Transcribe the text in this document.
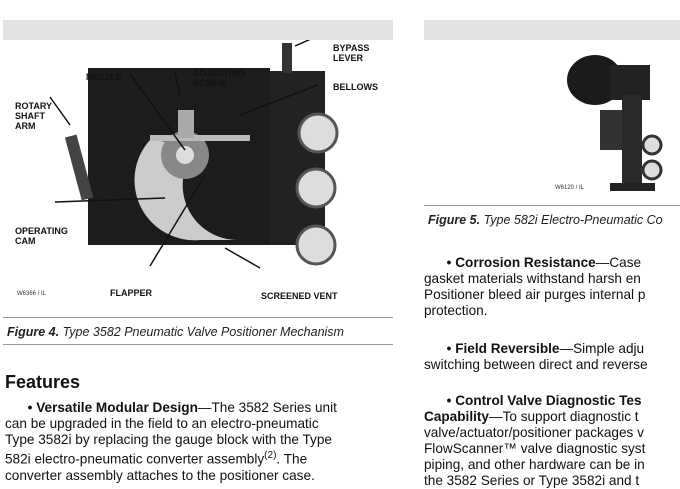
BYPASS LEVER
NOZZLE	ADJUSTING SCREW	BELLOWS
ROTARY SHAFT ARM
OPERATING CAM
FLAPPER	SCREENED VENT
W6366 / IL
Figure 4. Type 3582 Pneumatic Valve Positioner Mechanism
Features
• Versatile Modular Design—The 3582 Series unit
can be upgraded in the field to an electro-pneumatic
Type 3582i by replacing the gauge block with the Type
582i electro-pneumatic converter assembly$^{(2)}$. The
converter assembly attaches to the positioner case.
W6120 / IL
Figure 5. Type 582i Electro-Pneumatic Co
• Corrosion Resistance—Case
gasket materials withstand harsh en
Positioner bleed air purges internal p
protection.
• Field Reversible—Simple adju
switching between direct and reverse
• Control Valve Diagnostic Tes
Capability—To support diagnostic t
valve/actuator/positioner packages v
FlowScanner™ valve diagnostic syst
piping, and other hardware can be in
the 3582 Series or Type 3582i and t
